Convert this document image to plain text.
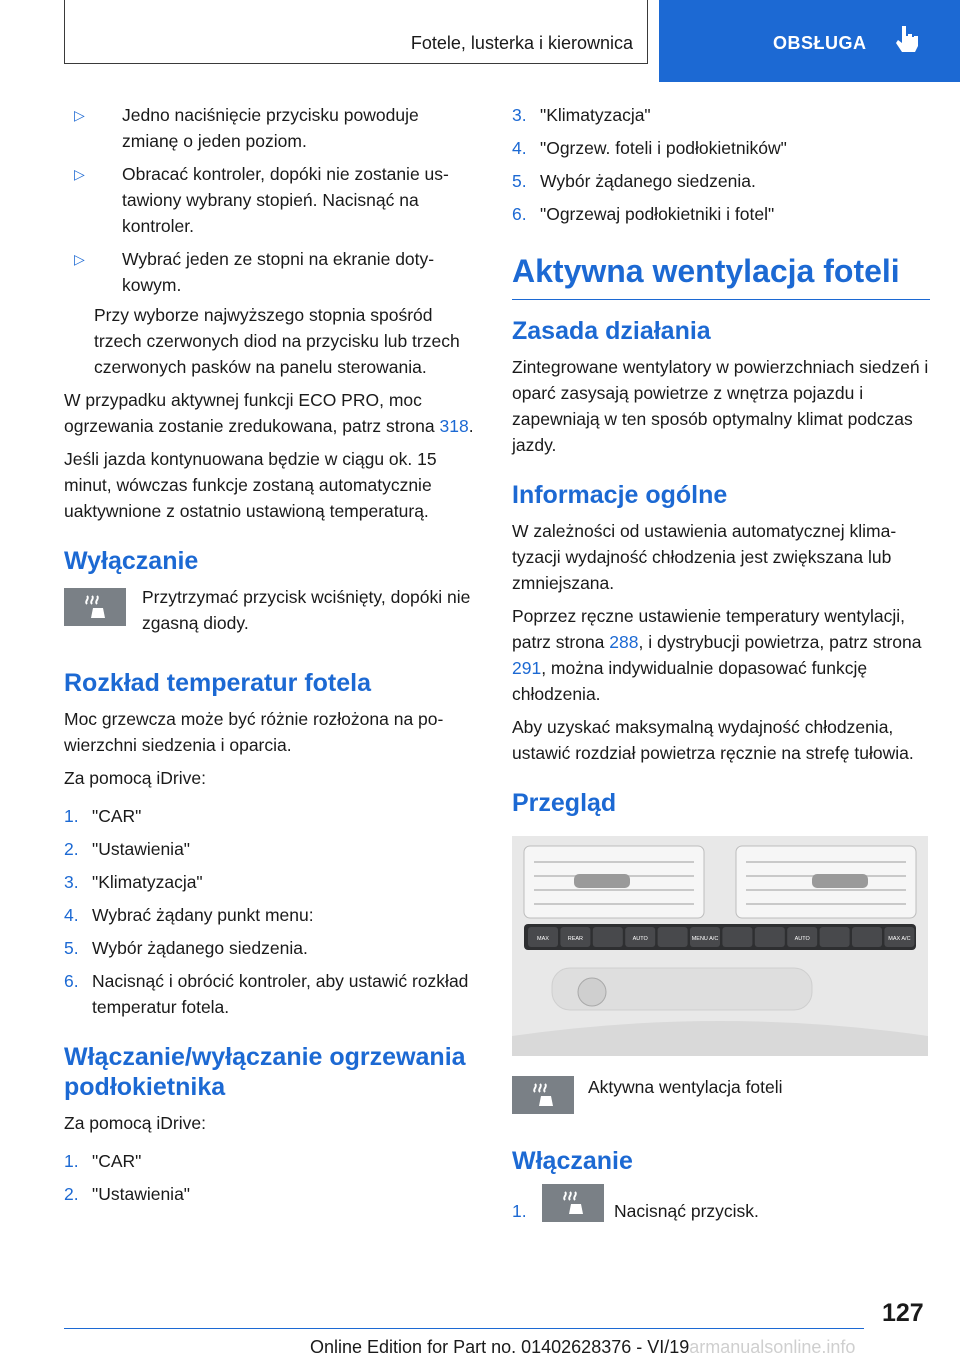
Fotele, lusterka i kierownica	OBSŁUGA
▷ Jedno naciśnięcie przycisku powoduje zmianę o jeden poziom.
▷ Obracać kontroler, dopóki nie zostanie ustawiony wybrany stopień. Nacisnąć na kontroler.
▷ Wybrać jeden ze stopni na ekranie dotykowym.

Przy wyborze najwyższego stopnia spośród trzech czerwonych diod na przycisku lub trzech czerwonych pasków na panelu sterowania.

W przypadku aktywnej funkcji ECO PRO, moc ogrzewania zostanie zredukowana, patrz strona 318.

Jeśli jazda kontynuowana będzie w ciągu ok. 15 minut, wówczas funkcje zostaną automatycznie uaktywnione z ostatnio ustawioną temperaturą.

Wyłączanie
Przytrzymać przycisk wciśnięty, dopóki nie zgasną diody.
Rozkład temperatur fotela

Moc grzewcza może być różnie rozłożona na powierzchni siedzenia i oparcia.

Za pomocą iDrive:

1. "CAR"
2. "Ustawienia"
3. "Klimatyzacja"
4. Wybrać żądany punkt menu:
5. Wybór żądanego siedzenia.
6. Nacisnąć i obrócić kontroler, aby ustawić rozkład temperatur fotela.
Włączanie/wyłączanie ogrzewania podłokietnika

Za pomocą iDrive:

1. "CAR"
2. "Ustawienia"
3. "Klimatyzacja"
4. "Ogrzew. foteli i podłokietników"
5. Wybór żądanego siedzenia.
6. "Ogrzewaj podłokietniki i fotel"
Aktywna wentylacja foteli
Zasada działania

Zintegrowane wentylatory w powierzchniach siedzeń i oparć zasysają powietrze z wnętrza pojazdu i zapewniają w ten sposób optymalny klimat podczas jazdy.

Informacje ogólne

W zależności od ustawienia automatycznej klimatyzacji wydajność chłodzenia jest zwiększana lub zmniejszana.

Poprzez ręczne ustawienie temperatury wentylacji, patrz strona 288, i dystrybucji powietrza, patrz strona 291, można indywidualnie dopasować funkcję chłodzenia.

Aby uzyskać maksymalną wydajność chłodzenia, ustawić rozdział powietrza ręcznie na strefę tułowia.

Przegląd
MAX	REAR	AUTO	MENU A/C	AUTO	MAX A/C
Aktywna wentylacja foteli
Włączanie
1.	Nacisnąć przycisk.
127
Online Edition for Part no. 01402628376 - VI/19armanualsonline.info
